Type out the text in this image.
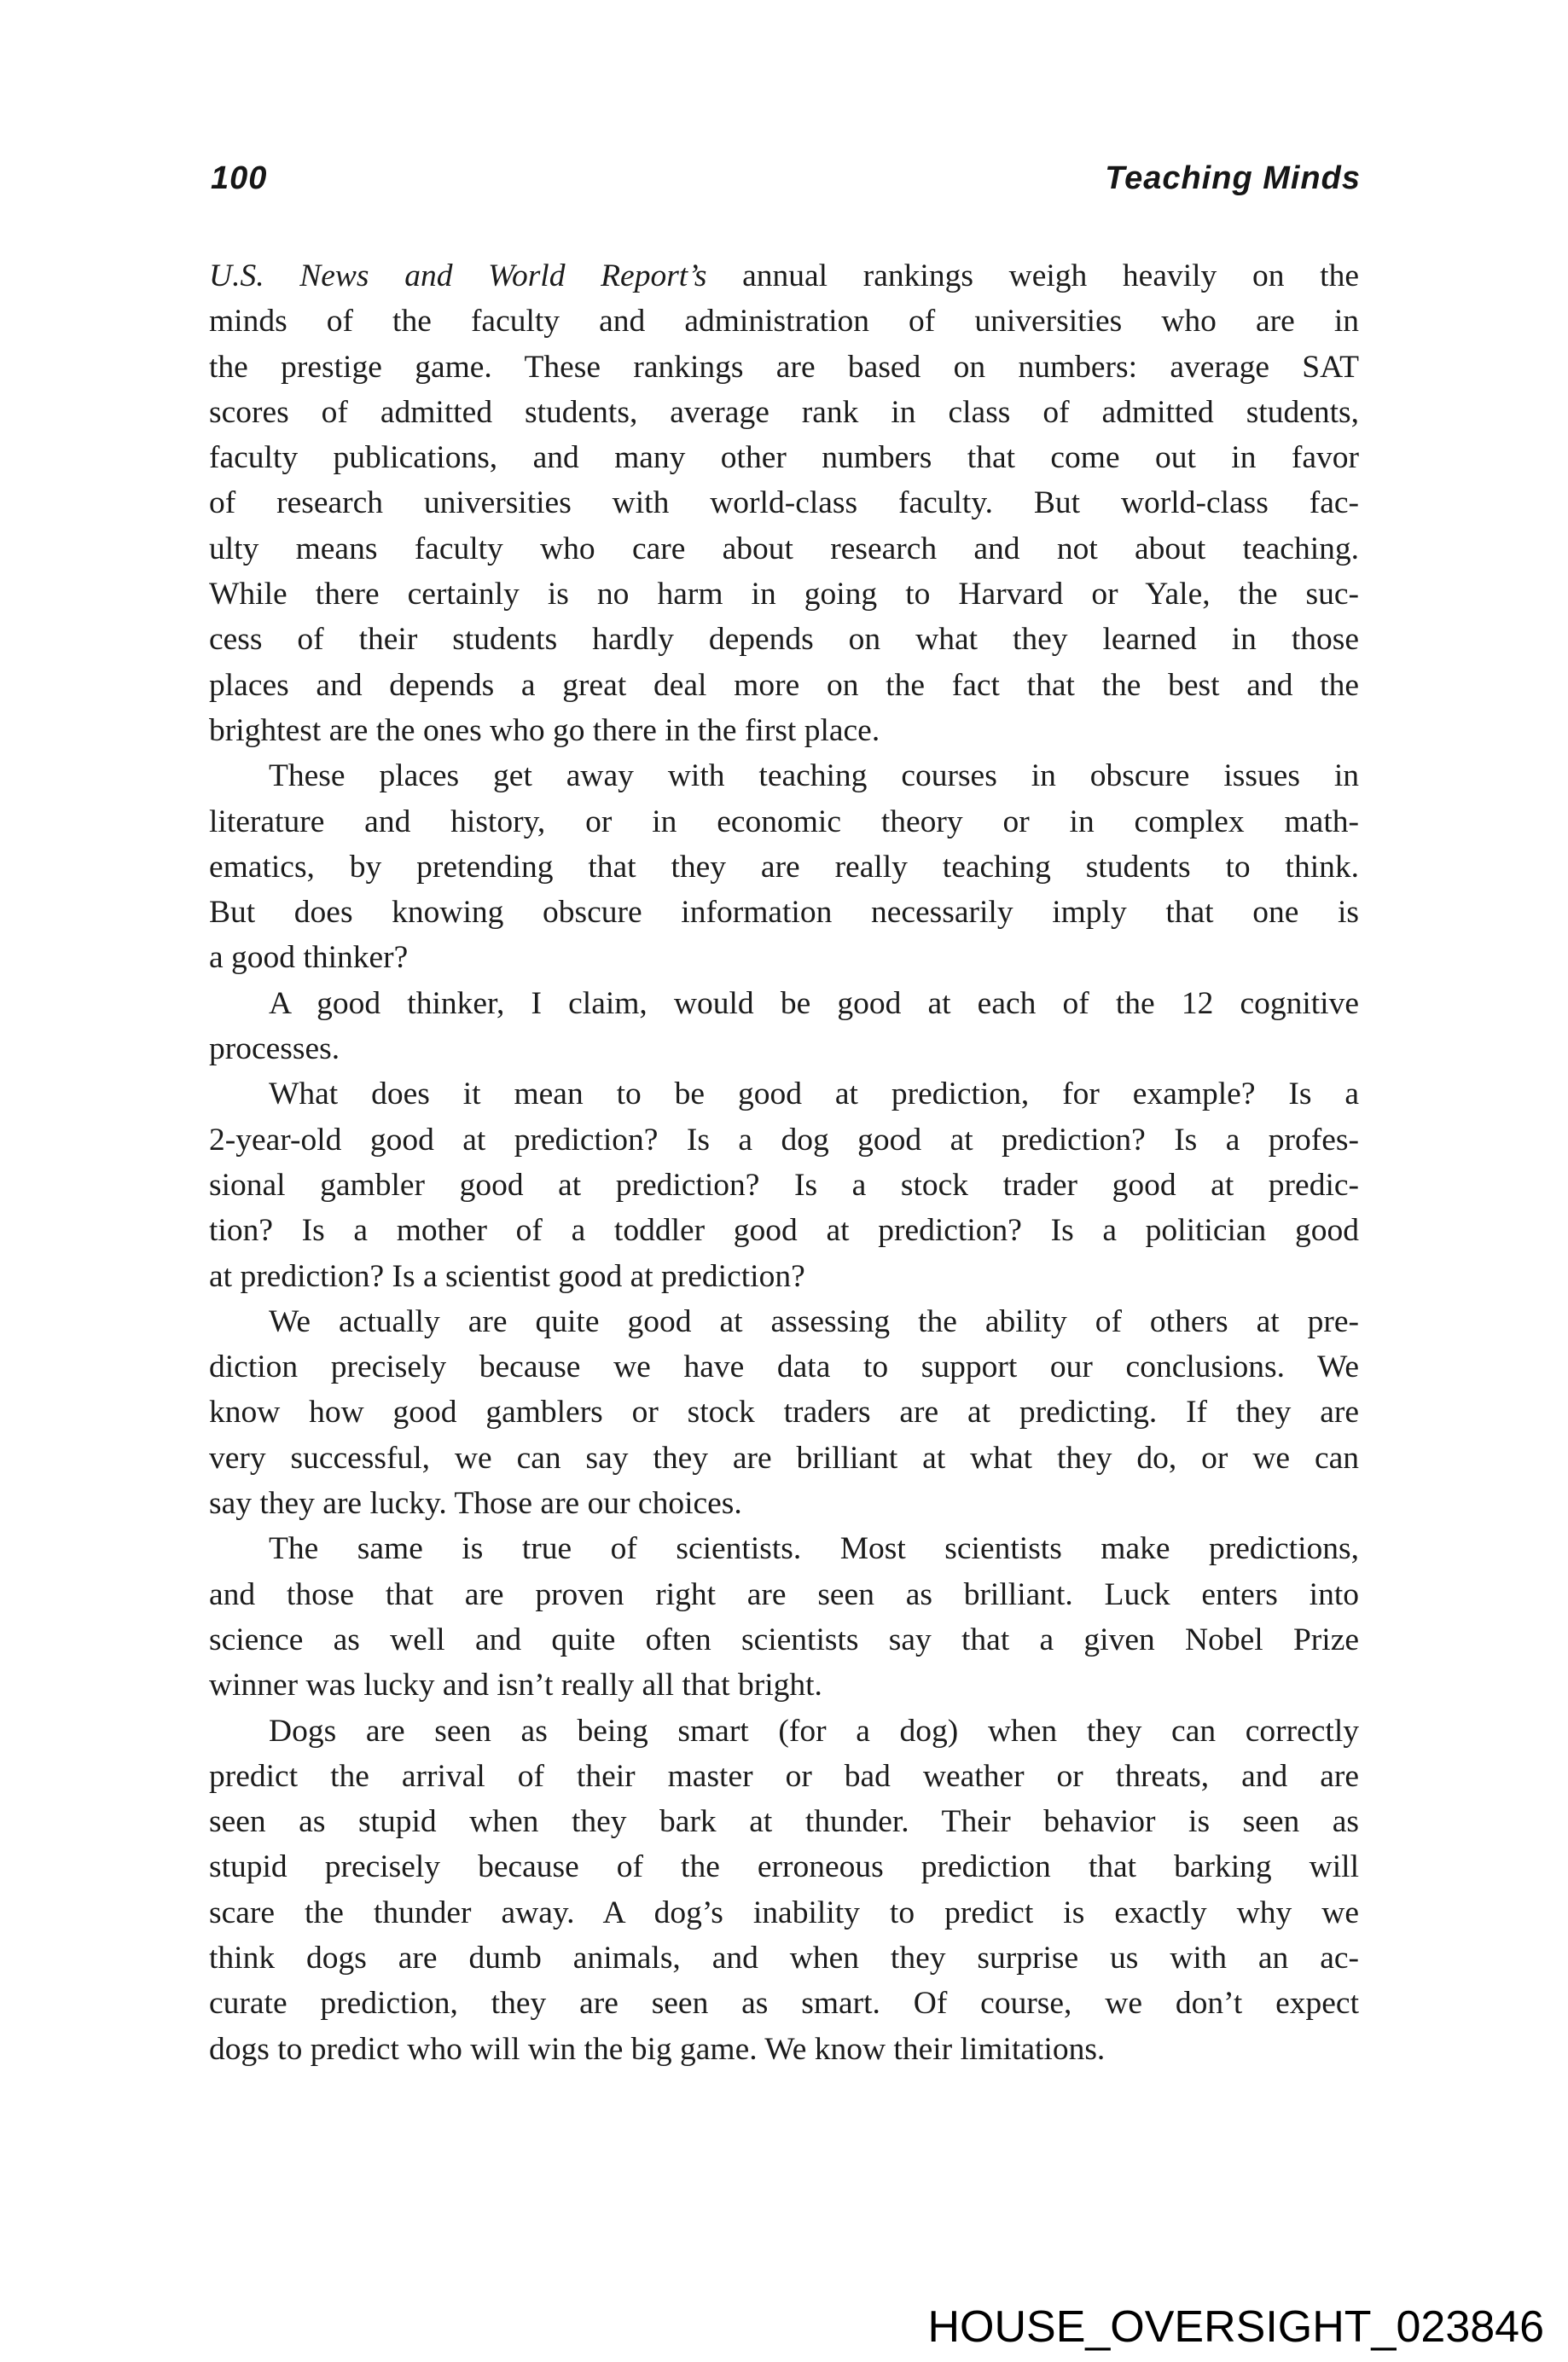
100	Teaching Minds
U.S. News and World Report’s annual rankings weigh heavily on the
minds of the faculty and administration of universities who are in
the prestige game. These rankings are based on numbers: average SAT
scores of admitted students, average rank in class of admitted students,
faculty publications, and many other numbers that come out in favor
of research universities with world-class faculty. But world-class fac-
ulty means faculty who care about research and not about teaching.
While there certainly is no harm in going to Harvard or Yale, the suc-
cess of their students hardly depends on what they learned in those
places and depends a great deal more on the fact that the best and the
brightest are the ones who go there in the first place.
These places get away with teaching courses in obscure issues in
literature and history, or in economic theory or in complex math-
ematics, by pretending that they are really teaching students to think.
But does knowing obscure information necessarily imply that one is
a good thinker?
A good thinker, I claim, would be good at each of the 12 cognitive
processes.
What does it mean to be good at prediction, for example? Is a
2-year-old good at prediction? Is a dog good at prediction? Is a profes-
sional gambler good at prediction? Is a stock trader good at predic-
tion? Is a mother of a toddler good at prediction? Is a politician good
at prediction? Is a scientist good at prediction?
We actually are quite good at assessing the ability of others at pre-
diction precisely because we have data to support our conclusions. We
know how good gamblers or stock traders are at predicting. If they are
very successful, we can say they are brilliant at what they do, or we can
say they are lucky. Those are our choices.
The same is true of scientists. Most scientists make predictions,
and those that are proven right are seen as brilliant. Luck enters into
science as well and quite often scientists say that a given Nobel Prize
winner was lucky and isn’t really all that bright.
Dogs are seen as being smart (for a dog) when they can correctly
predict the arrival of their master or bad weather or threats, and are
seen as stupid when they bark at thunder. Their behavior is seen as
stupid precisely because of the erroneous prediction that barking will
scare the thunder away. A dog’s inability to predict is exactly why we
think dogs are dumb animals, and when they surprise us with an ac-
curate prediction, they are seen as smart. Of course, we don’t expect
dogs to predict who will win the big game. We know their limitations.
HOUSE_OVERSIGHT_023846
